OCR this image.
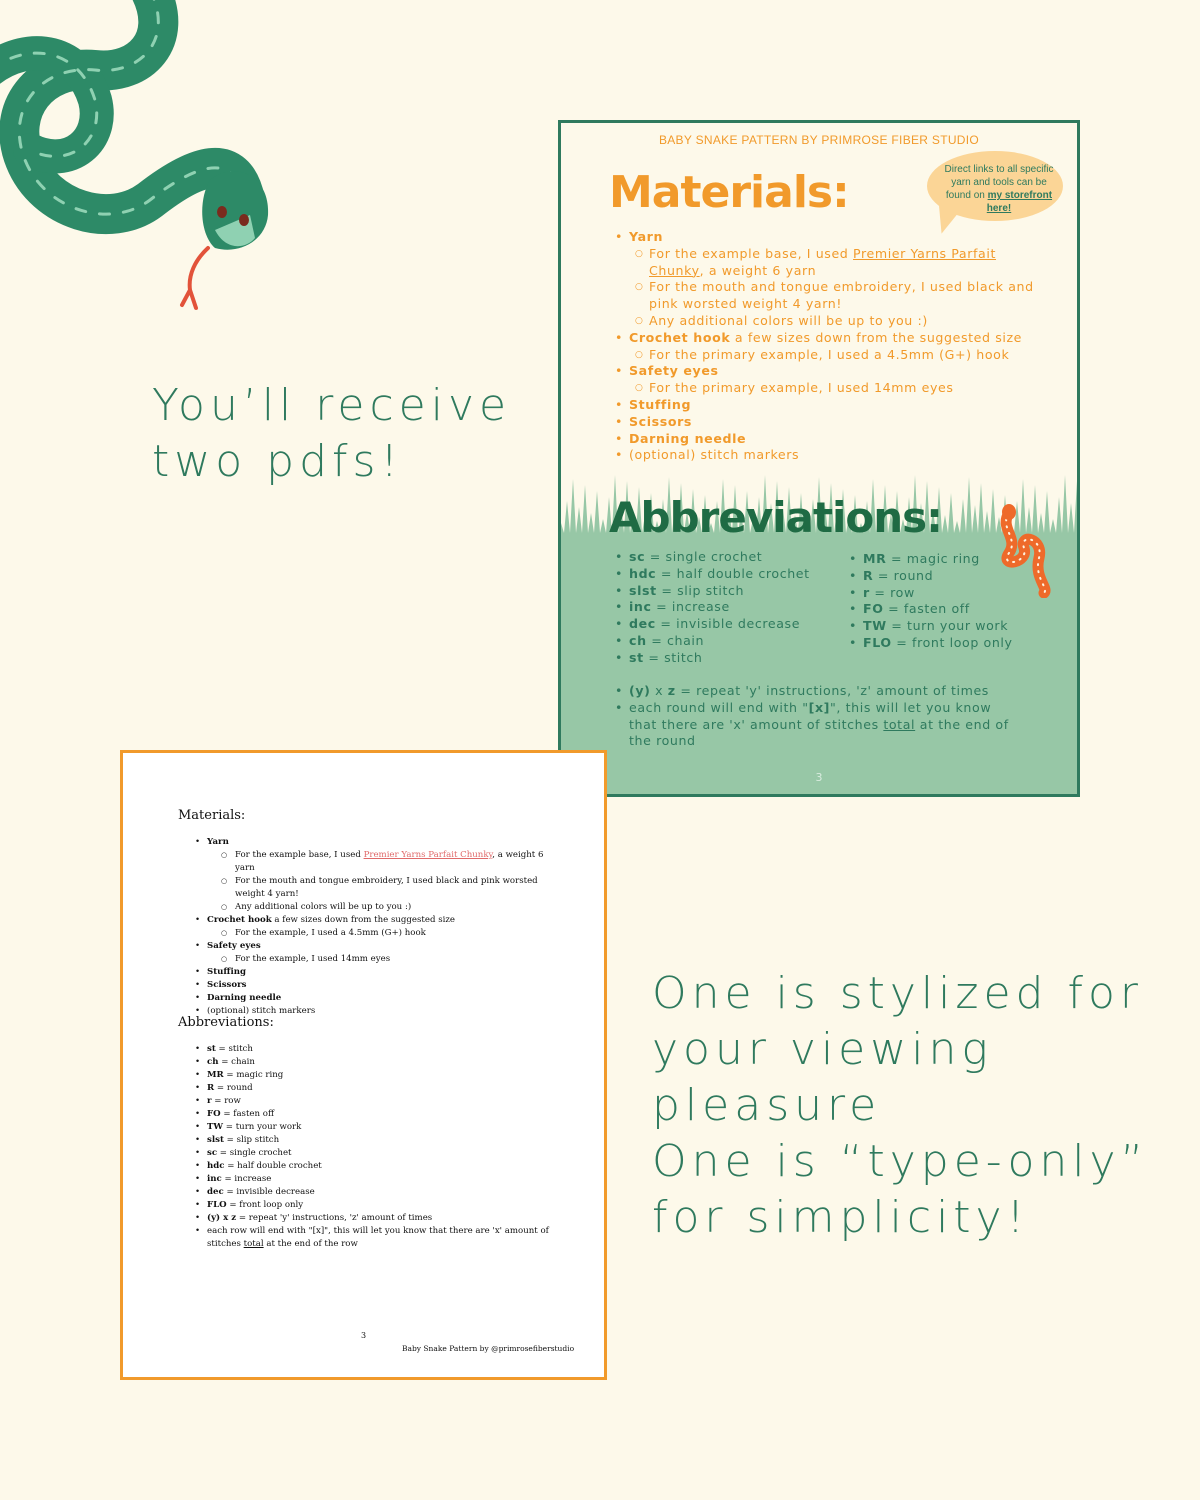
You’ll receive
two pdfs!
BABY SNAKE PATTERN BY PRIMROSE FIBER STUDIO
Materials:	Direct links to all specific yarn and tools can be found on my storefront here!
• Yarn
○ For the example base, I used Premier Yarns Parfait Chunky, a weight 6 yarn
○ For the mouth and tongue embroidery, I used black and pink worsted weight 4 yarn!
○ Any additional colors will be up to you :)
• Crochet hook a few sizes down from the suggested size
○ For the primary example, I used a 4.5mm (G+) hook
• Safety eyes
○ For the primary example, I used 14mm eyes
• Stuffing
• Scissors
• Darning needle
• (optional) stitch markers
Abbreviations:
• sc = single crochet
• hdc = half double crochet
• slst = slip stitch
• inc = increase
• dec = invisible decrease
• ch = chain
• st = stitch
• MR = magic ring
• R = round
• r = row
• FO = fasten off
• TW = turn your work
• FLO = front loop only
• (y) x z = repeat 'y' instructions, 'z' amount of times
• each round will end with "[x]", this will let you know that there are 'x' amount of stitches total at the end of the round
3
Materials:
• Yarn
○ For the example base, I used Premier Yarns Parfait Chunky, a weight 6 yarn
○ For the mouth and tongue embroidery, I used black and pink worsted weight 4 yarn!
○ Any additional colors will be up to you :)
• Crochet hook a few sizes down from the suggested size
○ For the example, I used a 4.5mm (G+) hook
• Safety eyes
○ For the example, I used 14mm eyes
• Stuffing
• Scissors
• Darning needle
• (optional) stitch markers
Abbreviations:
• st = stitch
• ch = chain
• MR = magic ring
• R = round
• r = row
• FO = fasten off
• TW = turn your work
• slst = slip stitch
• sc = single crochet
• hdc = half double crochet
• inc = increase
• dec = invisible decrease
• FLO = front loop only
• (y) x z = repeat 'y' instructions, 'z' amount of times
• each row will end with "[x]", this will let you know that there are 'x' amount of stitches total at the end of the row
3
Baby Snake Pattern by @primrosefiberstudio
One is stylized for
your viewing
pleasure
One is “type-only”
for simplicity!
